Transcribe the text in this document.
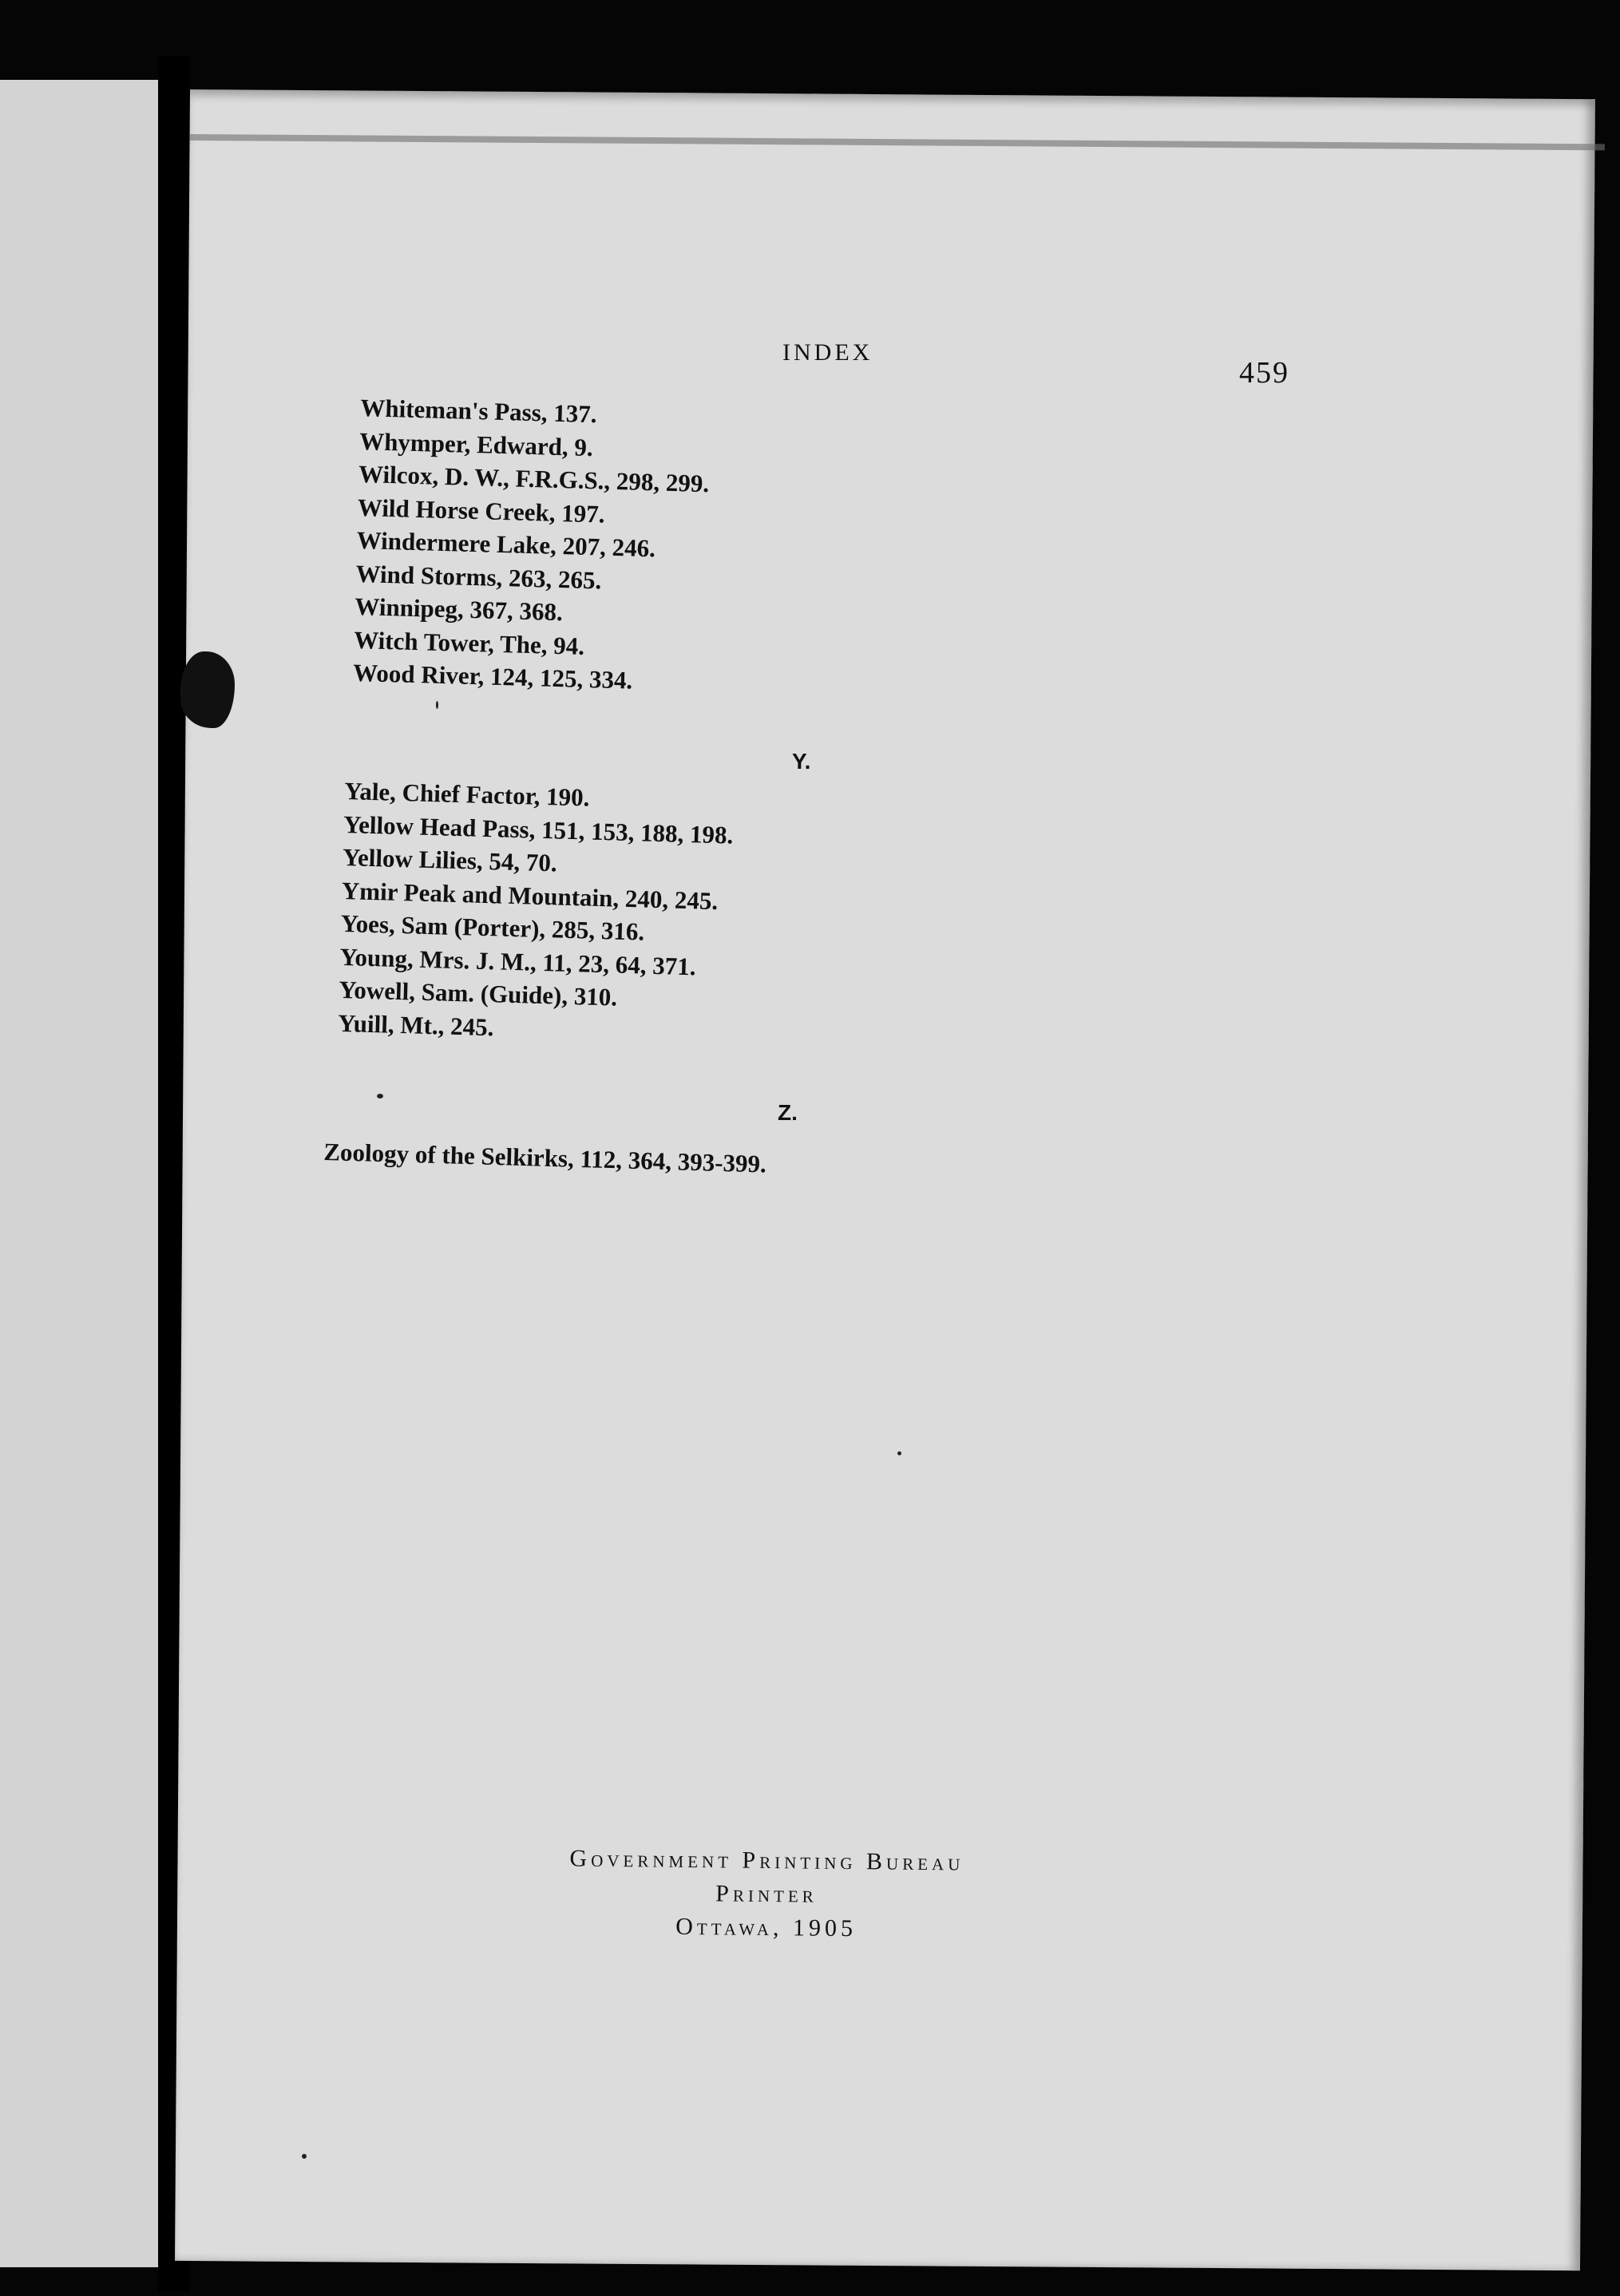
INDEX
459
Whiteman's Pass, 137.
Whymper, Edward, 9.
Wilcox, D. W., F.R.G.S., 298, 299.
Wild Horse Creek, 197.
Windermere Lake, 207, 246.
Wind Storms, 263, 265.
Winnipeg, 367, 368.
Witch Tower, The, 94.
Wood River, 124, 125, 334.
Y.
Yale, Chief Factor, 190.
Yellow Head Pass, 151, 153, 188, 198.
Yellow Lilies, 54, 70.
Ymir Peak and Mountain, 240, 245.
Yoes, Sam (Porter), 285, 316.
Young, Mrs. J. M., 11, 23, 64, 371.
Yowell, Sam. (Guide), 310.
Yuill, Mt., 245.
Z.
Zoology of the Selkirks, 112, 364, 393-399.
Government Printing Bureau
Printer
Ottawa, 1905
